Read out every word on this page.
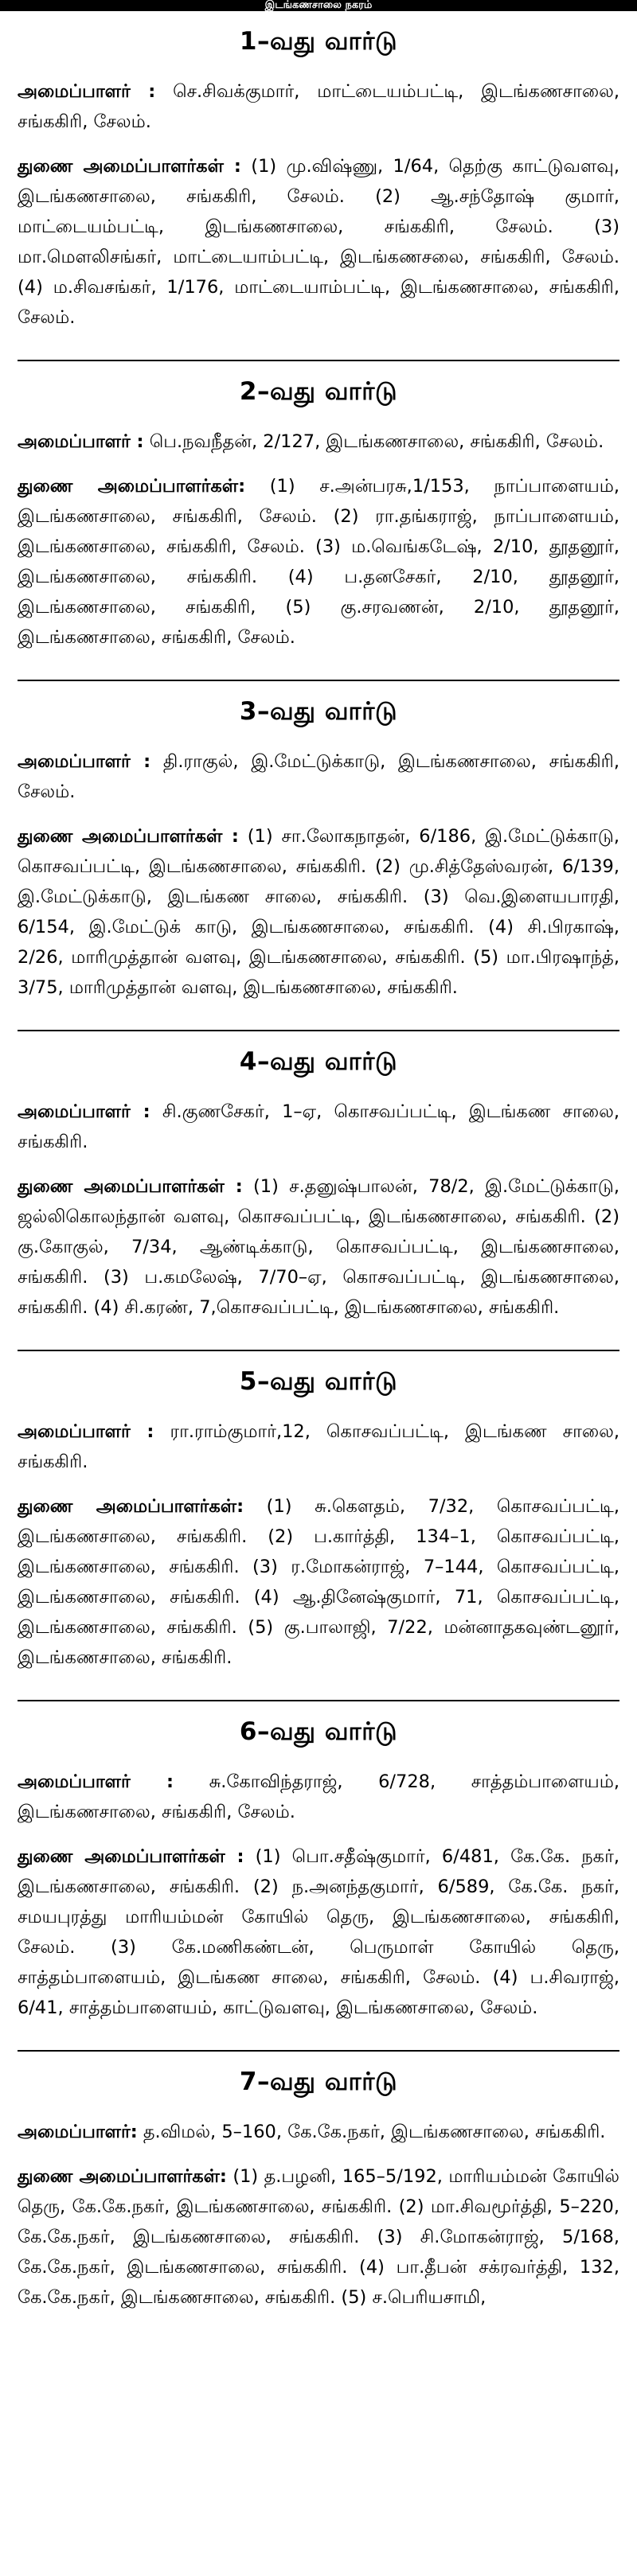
இடங்கணசாலை நகரம்
1–வது வார்டு

அமைப்பாளர் : செ.சிவக்குமார், மாட்டையம்பட்டி, இடங்கணசாலை, சங்ககிரி, சேலம்.

துணை அமைப்பாளர்கள் : (1) மு.விஷ்ணு, 1/64, தெற்கு காட்டுவளவு, இடங்கணசாலை, சங்ககிரி, சேலம். (2) ஆ.சந்தோஷ் குமார், மாட்டையம்பட்டி, இடங்கணசாலை, சங்ககிரி, சேலம். (3) மா.மௌலிசங்கர், மாட்டையாம்பட்டி, இடங்கணசலை, சங்ககிரி, சேலம். (4) ம.சிவசங்கர், 1/176, மாட்டையாம்பட்டி, இடங்கணசாலை, சங்ககிரி, சேலம்.

2–வது வார்டு

அமைப்பாளர் : பெ.நவநீதன், 2/127, இடங்கணசாலை, சங்ககிரி, சேலம்.

துணை அமைப்பாளர்கள்: (1) ச.அன்பரசு,1/153, நாப்பாளையம், இடங்கணசாலை, சங்ககிரி, சேலம். (2) ரா.தங்கராஜ், நாப்பாளையம், இடங்கணசாலை, சங்ககிரி, சேலம். (3) ம.வெங்கடேஷ், 2/10, தூதனூர், இடங்கணசாலை, சங்ககிரி. (4) ப.தனசேகர், 2/10, தூதனூர், இடங்கணசாலை, சங்ககிரி, (5) கு.சரவணன், 2/10, தூதனூர், இடங்கணசாலை, சங்ககிரி, சேலம்.

3–வது வார்டு

அமைப்பாளர் : தி.ராகுல், இ.மேட்டுக்காடு, இடங்கணசாலை, சங்ககிரி, சேலம்.

துணை அமைப்பாளர்கள் : (1) சா.லோகநாதன், 6/186, இ.மேட்டுக்காடு, கொசவப்பட்டி, இடங்கணசாலை, சங்ககிரி. (2) மு.சித்தேஸ்வரன், 6/139, இ.மேட்டுக்காடு, இடங்கண சாலை, சங்ககிரி. (3) வெ.இளையபாரதி, 6/154, இ.மேட்டுக் காடு, இடங்கணசாலை, சங்ககிரி. (4) சி.பிரகாஷ், 2/26, மாரிமுத்தான் வளவு, இடங்கணசாலை, சங்ககிரி. (5) மா.பிரஷாந்த், 3/75, மாரிமுத்தான் வளவு, இடங்கணசாலை, சங்ககிரி.

4–வது வார்டு

அமைப்பாளர் : சி.குணசேகர், 1–ஏ, கொசவப்பட்டி, இடங்கண சாலை, சங்ககிரி.

துணை அமைப்பாளர்கள் : (1) ச.தனுஷ்பாலன், 78/2, இ.மேட்டுக்காடு, ஜல்லிகொலந்தான் வளவு, கொசவப்பட்டி, இடங்கணசாலை, சங்ககிரி. (2) கு.கோகுல், 7/34, ஆண்டிக்காடு, கொசவப்பட்டி, இடங்கணசாலை, சங்ககிரி. (3) ப.கமலேஷ், 7/70–ஏ, கொசவப்பட்டி, இடங்கணசாலை, சங்ககிரி. (4) சி.கரண், 7,கொசவப்பட்டி, இடங்கணசாலை, சங்ககிரி.

5–வது வார்டு

அமைப்பாளர் : ரா.ராம்குமார்,12, கொசவப்பட்டி, இடங்கண சாலை, சங்ககிரி.

துணை அமைப்பாளர்கள்: (1) சு.கௌதம், 7/32, கொசவப்பட்டி, இடங்கணசாலை, சங்ககிரி. (2) ப.கார்த்தி, 134–1, கொசவப்பட்டி, இடங்கணசாலை, சங்ககிரி. (3) ர.மோகன்ராஜ், 7–144, கொசவப்பட்டி, இடங்கணசாலை, சங்ககிரி. (4) ஆ.தினேஷ்குமார், 71, கொசவப்பட்டி, இடங்கணசாலை, சங்ககிரி. (5) கு.பாலாஜி, 7/22, மன்னாதகவுண்டனூர், இடங்கணசாலை, சங்ககிரி.

6–வது வார்டு

அமைப்பாளர் : சு.கோவிந்தராஜ், 6/728, சாத்தம்பாளையம், இடங்கணசாலை, சங்ககிரி, சேலம்.

துணை அமைப்பாளர்கள் : (1) பொ.சதீஷ்குமார், 6/481, கே.கே. நகர், இடங்கணசாலை, சங்ககிரி. (2) ந.அனந்தகுமார், 6/589, கே.கே. நகர், சமயபுரத்து மாரியம்மன் கோயில் தெரு, இடங்கணசாலை, சங்ககிரி, சேலம். (3) கே.மணிகண்டன், பெருமாள் கோயில் தெரு, சாத்தம்பாளையம், இடங்கண சாலை, சங்ககிரி, சேலம். (4) ப.சிவராஜ், 6/41, சாத்தம்பாளையம், காட்டுவளவு, இடங்கணசாலை, சேலம்.

7–வது வார்டு

அமைப்பாளர்: த.விமல், 5–160, கே.கே.நகர், இடங்கணசாலை, சங்ககிரி.

துணை அமைப்பாளர்கள்: (1) த.பழனி, 165–5/192, மாரியம்மன் கோயில் தெரு, கே.கே.நகர், இடங்கணசாலை, சங்ககிரி. (2) மா.சிவமூர்த்தி, 5–220, கே.கே.நகர், இடங்கணசாலை, சங்ககிரி. (3) சி.மோகன்ராஜ், 5/168, கே.கே.நகர், இடங்கணசாலை, சங்ககிரி. (4) பா.தீபன் சக்ரவர்த்தி, 132, கே.கே.நகர், இடங்கணசாலை, சங்ககிரி. (5) ச.பெரியசாமி,
